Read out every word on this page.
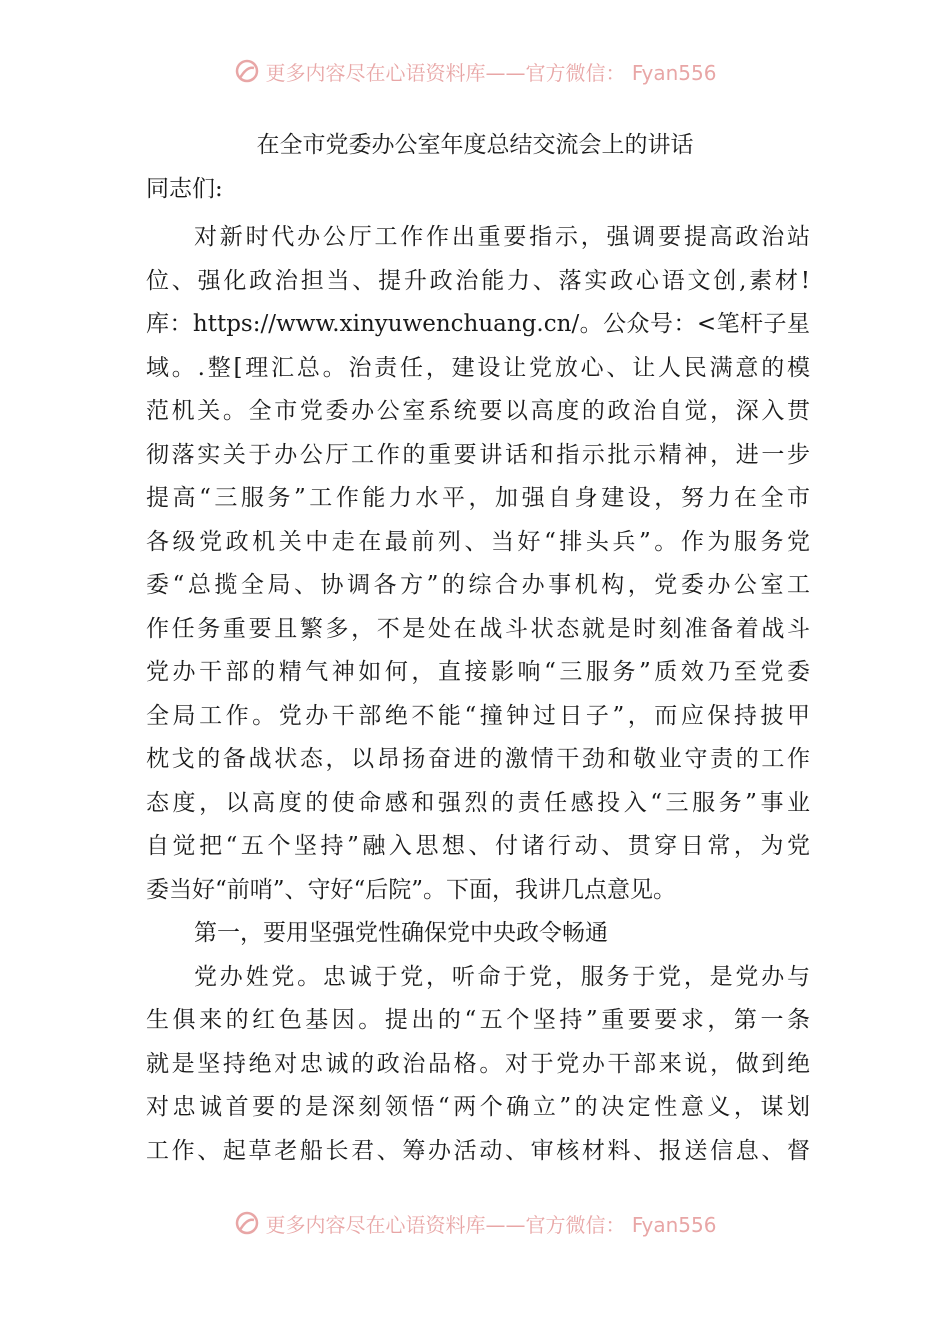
更多内容尽在心语资料库——官方微信： Fyan556
在全市党委办公室年度总结交流会上的讲话
同志们:
对新时代办公厅工作作出重要指示，强调要提高政治站
位、强化政治担当、提升政治能力、落实政心语文创,素材!
库：https://www.xinyuwenchuang.cn/。公众号：<笔杆子星
域。.整[理汇总。治责任，建设让党放心、让人民满意的模
范机关。全市党委办公室系统要以高度的政治自觉，深入贯
彻落实关于办公厅工作的重要讲话和指示批示精神，进一步
提高“三服务”工作能力水平，加强自身建设，努力在全市
各级党政机关中走在最前列、当好“排头兵”。作为服务党
委“总揽全局、协调各方”的综合办事机构，党委办公室工
作任务重要且繁多，不是处在战斗状态就是时刻准备着战斗
党办干部的精气神如何，直接影响“三服务”质效乃至党委
全局工作。党办干部绝不能“撞钟过日子”，而应保持披甲
枕戈的备战状态，以昂扬奋进的激情干劲和敬业守责的工作
态度，以高度的使命感和强烈的责任感投入“三服务”事业
自觉把“五个坚持”融入思想、付诸行动、贯穿日常，为党
委当好“前哨”、守好“后院”。下面，我讲几点意见。
第一，要用坚强党性确保党中央政令畅通
党办姓党。忠诚于党，听命于党，服务于党，是党办与
生俱来的红色基因。提出的“五个坚持”重要要求，第一条
就是坚持绝对忠诚的政治品格。对于党办干部来说，做到绝
对忠诚首要的是深刻领悟“两个确立”的决定性意义，谋划
工作、起草老船长君、筹办活动、审核材料、报送信息、督
更多内容尽在心语资料库——官方微信： Fyan556
